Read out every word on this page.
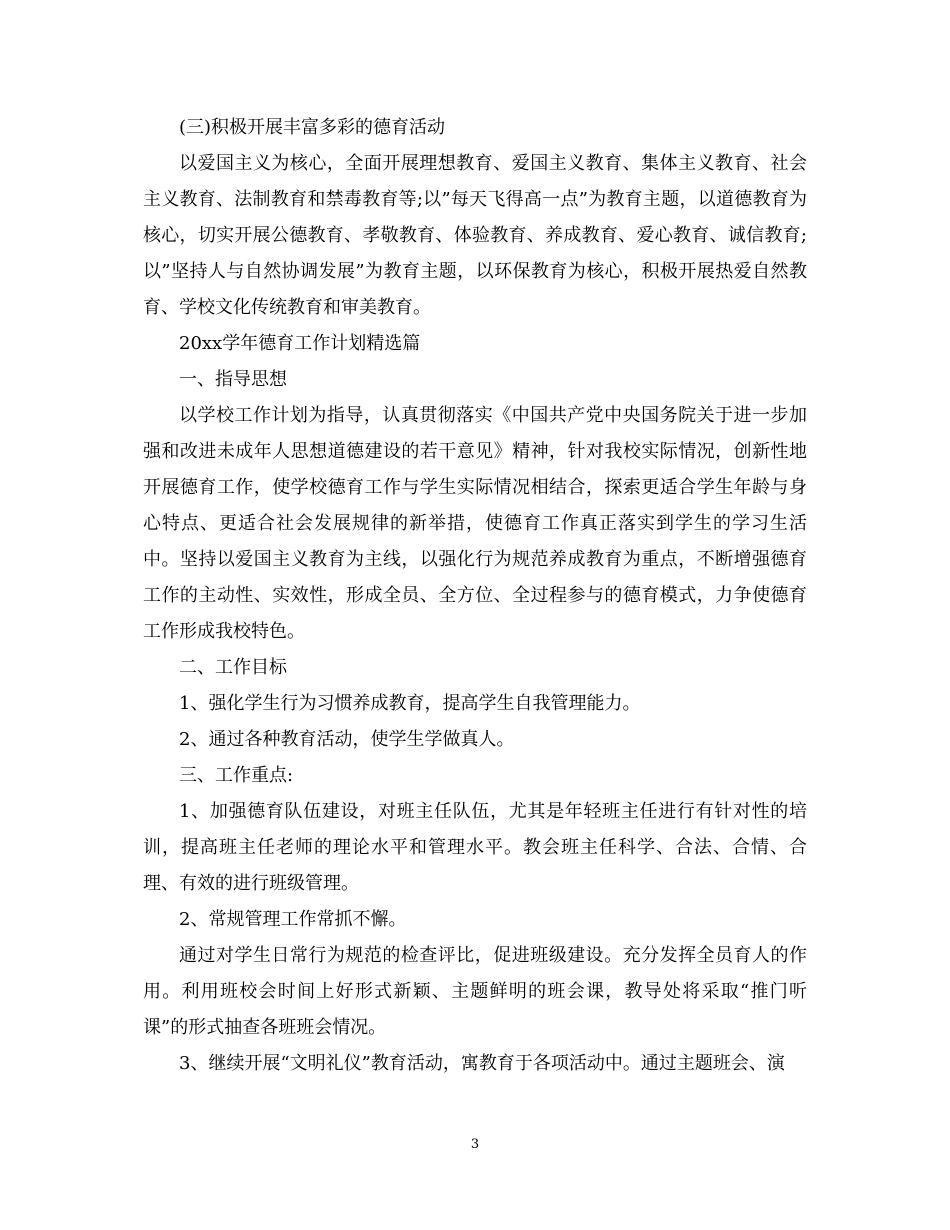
(三)积极开展丰富多彩的德育活动

以爱国主义为核心，全面开展理想教育、爱国主义教育、集体主义教育、社会主义教育、法制教育和禁毒教育等;以”每天飞得高一点”为教育主题，以道德教育为核心，切实开展公德教育、孝敬教育、体验教育、养成教育、爱心教育、诚信教育;以”坚持人与自然协调发展”为教育主题，以环保教育为核心，积极开展热爱自然教育、学校文化传统教育和审美教育。

20xx学年德育工作计划精选篇

一、指导思想

以学校工作计划为指导，认真贯彻落实《中国共产党中央国务院关于进一步加强和改进未成年人思想道德建设的若干意见》精神，针对我校实际情况，创新性地开展德育工作，使学校德育工作与学生实际情况相结合，探索更适合学生年龄与身心特点、更适合社会发展规律的新举措，使德育工作真正落实到学生的学习生活中。坚持以爱国主义教育为主线，以强化行为规范养成教育为重点，不断增强德育工作的主动性、实效性，形成全员、全方位、全过程参与的德育模式，力争使德育工作形成我校特色。

二、工作目标

1、强化学生行为习惯养成教育，提高学生自我管理能力。

2、通过各种教育活动，使学生学做真人。

三、工作重点:

1、加强德育队伍建设，对班主任队伍，尤其是年轻班主任进行有针对性的培训，提高班主任老师的理论水平和管理水平。教会班主任科学、合法、合情、合理、有效的进行班级管理。

2、常规管理工作常抓不懈。

通过对学生日常行为规范的检查评比，促进班级建设。充分发挥全员育人的作用。利用班校会时间上好形式新颖、主题鲜明的班会课，教导处将采取“推门听课”的形式抽查各班班会情况。

3、继续开展“文明礼仪”教育活动，寓教育于各项活动中。通过主题班会、演

3
